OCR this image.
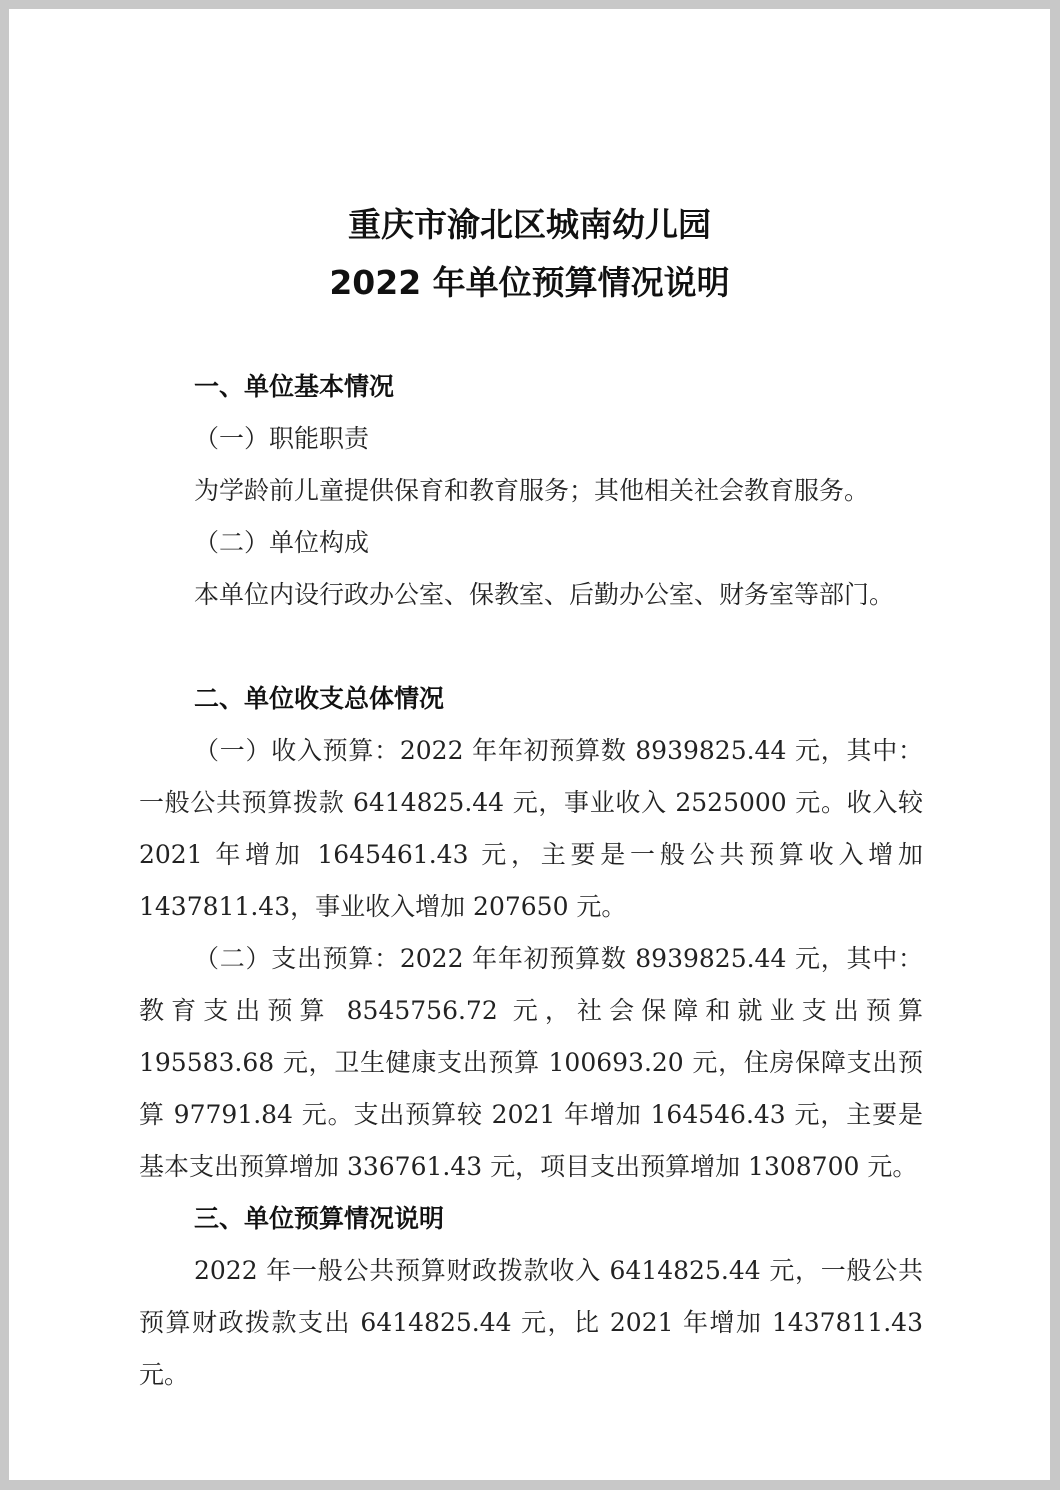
重庆市渝北区城南幼儿园
2022 年单位预算情况说明
一、单位基本情况
（一）职能职责
为学龄前儿童提供保育和教育服务；其他相关社会教育服务。
（二）单位构成
本单位内设行政办公室、保教室、后勤办公室、财务室等部门。
二、单位收支总体情况
（一）收入预算：2022 年年初预算数 8939825.44 元，其中：一般公共预算拨款 6414825.44 元，事业收入 2525000 元。收入较 2021 年增加 1645461.43 元，主要是一般公共预算收入增加 1437811.43，事业收入增加 207650 元。
（二）支出预算：2022 年年初预算数 8939825.44 元，其中：教育支出预算 8545756.72 元，社会保障和就业支出预算 195583.68 元，卫生健康支出预算 100693.20 元，住房保障支出预算 97791.84 元。支出预算较 2021 年增加 164546.43 元，主要是基本支出预算增加 336761.43 元，项目支出预算增加 1308700 元。
三、单位预算情况说明
2022 年一般公共预算财政拨款收入 6414825.44 元，一般公共预算财政拨款支出 6414825.44 元，比 2021 年增加 1437811.43 元。
